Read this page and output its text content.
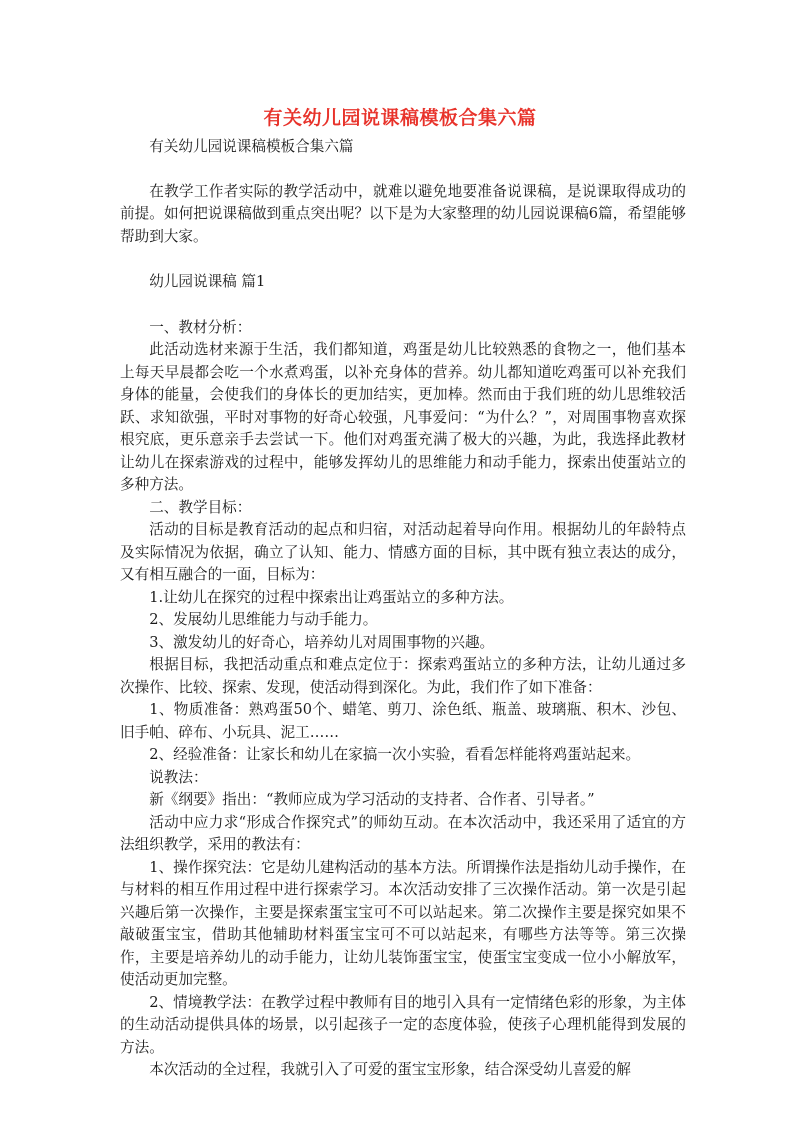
有关幼儿园说课稿模板合集六篇

有关幼儿园说课稿模板合集六篇

在教学工作者实际的教学活动中，就难以避免地要准备说课稿，是说课取得成功的前提。如何把说课稿做到重点突出呢？以下是为大家整理的幼儿园说课稿6篇，希望能够帮助到大家。

幼儿园说课稿 篇1

一、教材分析：

此活动选材来源于生活，我们都知道，鸡蛋是幼儿比较熟悉的食物之一，他们基本上每天早晨都会吃一个水煮鸡蛋，以补充身体的营养。幼儿都知道吃鸡蛋可以补充我们身体的能量，会使我们的身体长的更加结实，更加棒。然而由于我们班的幼儿思维较活跃、求知欲强，平时对事物的好奇心较强，凡事爱问：“为什么？”，对周围事物喜欢探根究底，更乐意亲手去尝试一下。他们对鸡蛋充满了极大的兴趣，为此，我选择此教材让幼儿在探索游戏的过程中，能够发挥幼儿的思维能力和动手能力，探索出使蛋站立的多种方法。

二、教学目标：

活动的目标是教育活动的起点和归宿，对活动起着导向作用。根据幼儿的年龄特点及实际情况为依据，确立了认知、能力、情感方面的目标，其中既有独立表达的成分，又有相互融合的一面，目标为：

1.让幼儿在探究的过程中探索出让鸡蛋站立的多种方法。

2、发展幼儿思维能力与动手能力。

3、激发幼儿的好奇心，培养幼儿对周围事物的兴趣。

根据目标，我把活动重点和难点定位于：探索鸡蛋站立的多种方法，让幼儿通过多次操作、比较、探索、发现，使活动得到深化。为此，我们作了如下准备：

1、物质准备：熟鸡蛋50个、蜡笔、剪刀、涂色纸、瓶盖、玻璃瓶、积木、沙包、旧手帕、碎布、小玩具、泥工……

2、经验准备：让家长和幼儿在家搞一次小实验，看看怎样能将鸡蛋站起来。

说教法：

新《纲要》指出：“教师应成为学习活动的支持者、合作者、引导者。”

活动中应力求“形成合作探究式”的师幼互动。在本次活动中，我还采用了适宜的方法组织教学，采用的教法有：

1、操作探究法：它是幼儿建构活动的基本方法。所谓操作法是指幼儿动手操作，在与材料的相互作用过程中进行探索学习。本次活动安排了三次操作活动。第一次是引起兴趣后第一次操作，主要是探索蛋宝宝可不可以站起来。第二次操作主要是探究如果不敲破蛋宝宝，借助其他辅助材料蛋宝宝可不可以站起来，有哪些方法等等。第三次操作，主要是培养幼儿的动手能力，让幼儿装饰蛋宝宝，使蛋宝宝变成一位小小解放军，使活动更加完整。

2、情境教学法：在教学过程中教师有目的地引入具有一定情绪色彩的形象，为主体的生动活动提供具体的场景，以引起孩子一定的态度体验，使孩子心理机能得到发展的方法。

本次活动的全过程，我就引入了可爱的蛋宝宝形象，结合深受幼儿喜爱的解
